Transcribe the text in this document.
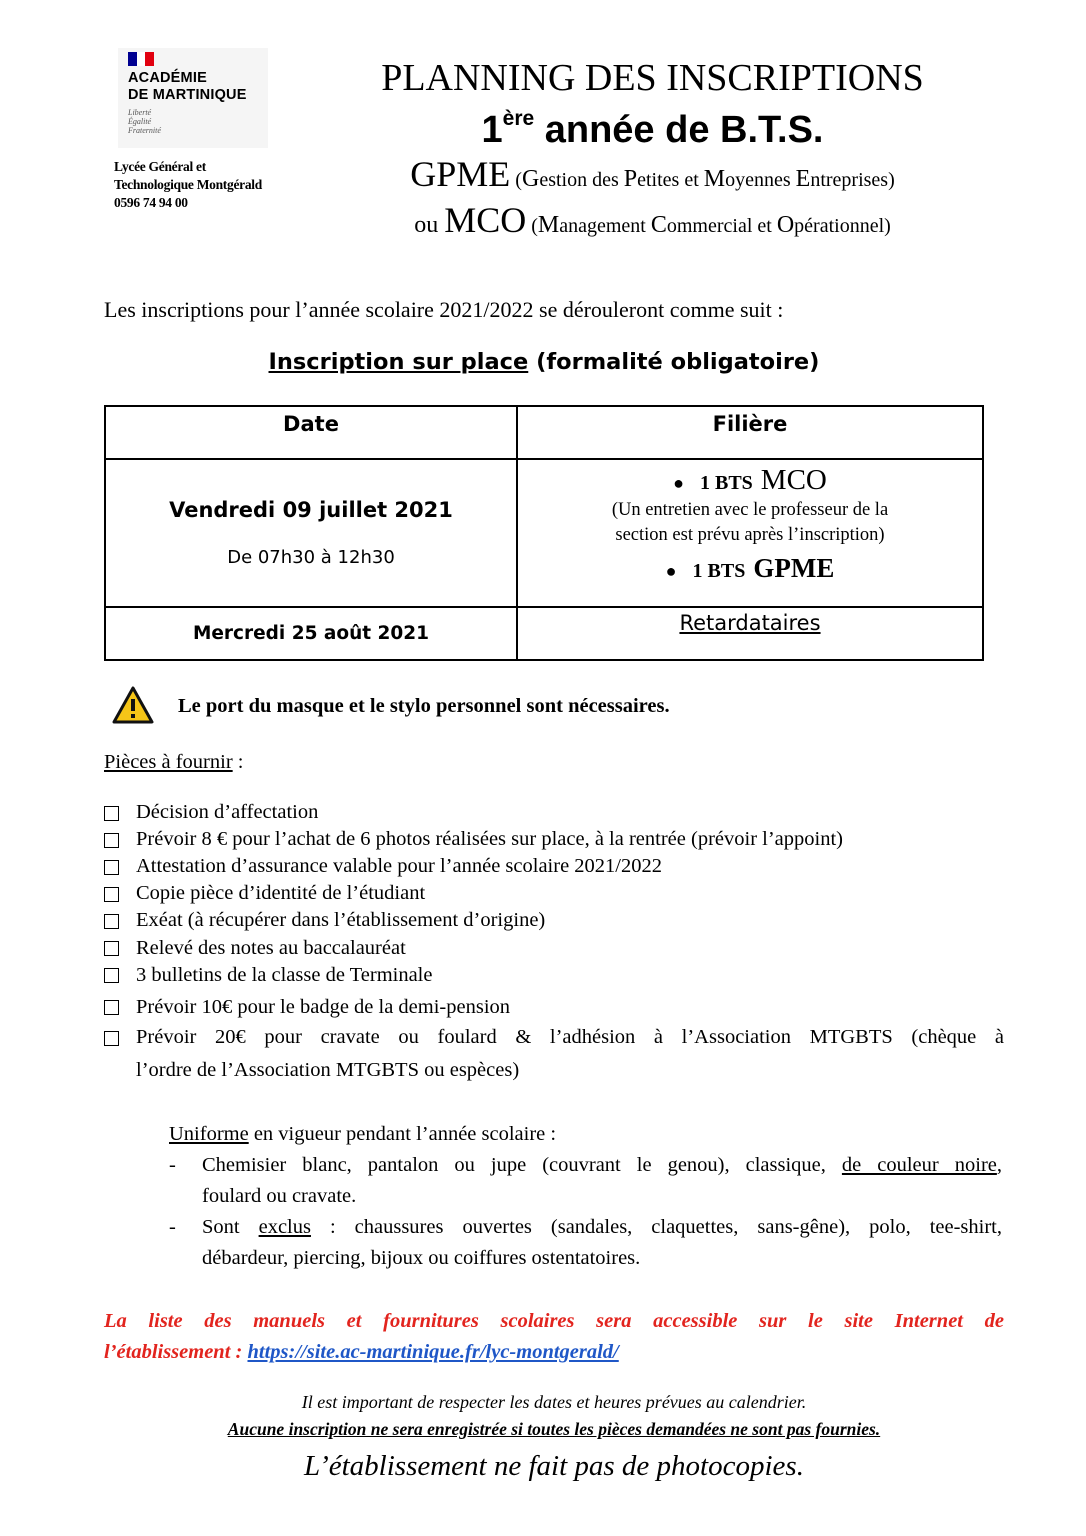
ACADÉMIE
DE MARTINIQUE
Liberté
Égalité
Fraternité
Lycée Général et
Technologique Montgérald
0596 74 94 00
PLANNING DES INSCRIPTIONS
1ère année de B.T.S.
GPME (Gestion des Petites et Moyennes Entreprises)
ou MCO (Management Commercial et Opérationnel)
Les inscriptions pour l’année scolaire 2021/2022 se dérouleront comme suit :
Inscription sur place (formalité obligatoire)
Date	Filière
Vendredi 09 juillet 2021
De 07h30 à 12h30
● 1 BTS MCO
(Un entretien avec le professeur de la
section est prévu après l’inscription)
● 1 BTS GPME
Mercredi 25 août 2021	Retardataires
Le port du masque et le stylo personnel sont nécessaires.
Pièces à fournir :
Décision d’affectation
Prévoir 8 € pour l’achat de 6 photos réalisées sur place, à la rentrée (prévoir l’appoint)
Attestation d’assurance valable pour l’année scolaire 2021/2022
Copie pièce d’identité de l’étudiant
Exéat (à récupérer dans l’établissement d’origine)
Relevé des notes au baccalauréat
3 bulletins de la classe de Terminale
Prévoir 10€ pour le badge de la demi-pension
Prévoir 20€ pour cravate ou foulard & l’adhésion à l’Association MTGBTS (chèque à
l’ordre de l’Association MTGBTS ou espèces)
Uniforme en vigueur pendant l’année scolaire :
- Chemisier blanc, pantalon ou jupe (couvrant le genou), classique, de couleur noire,
foulard ou cravate.
- Sont exclus : chaussures ouvertes (sandales, claquettes, sans-gêne), polo, tee-shirt,
débardeur, piercing, bijoux ou coiffures ostentatoires.
La liste des manuels et fournitures scolaires sera accessible sur le site Internet de
l’établissement : https://site.ac-martinique.fr/lyc-montgerald/
Il est important de respecter les dates et heures prévues au calendrier.
Aucune inscription ne sera enregistrée si toutes les pièces demandées ne sont pas fournies.
L’établissement ne fait pas de photocopies.
